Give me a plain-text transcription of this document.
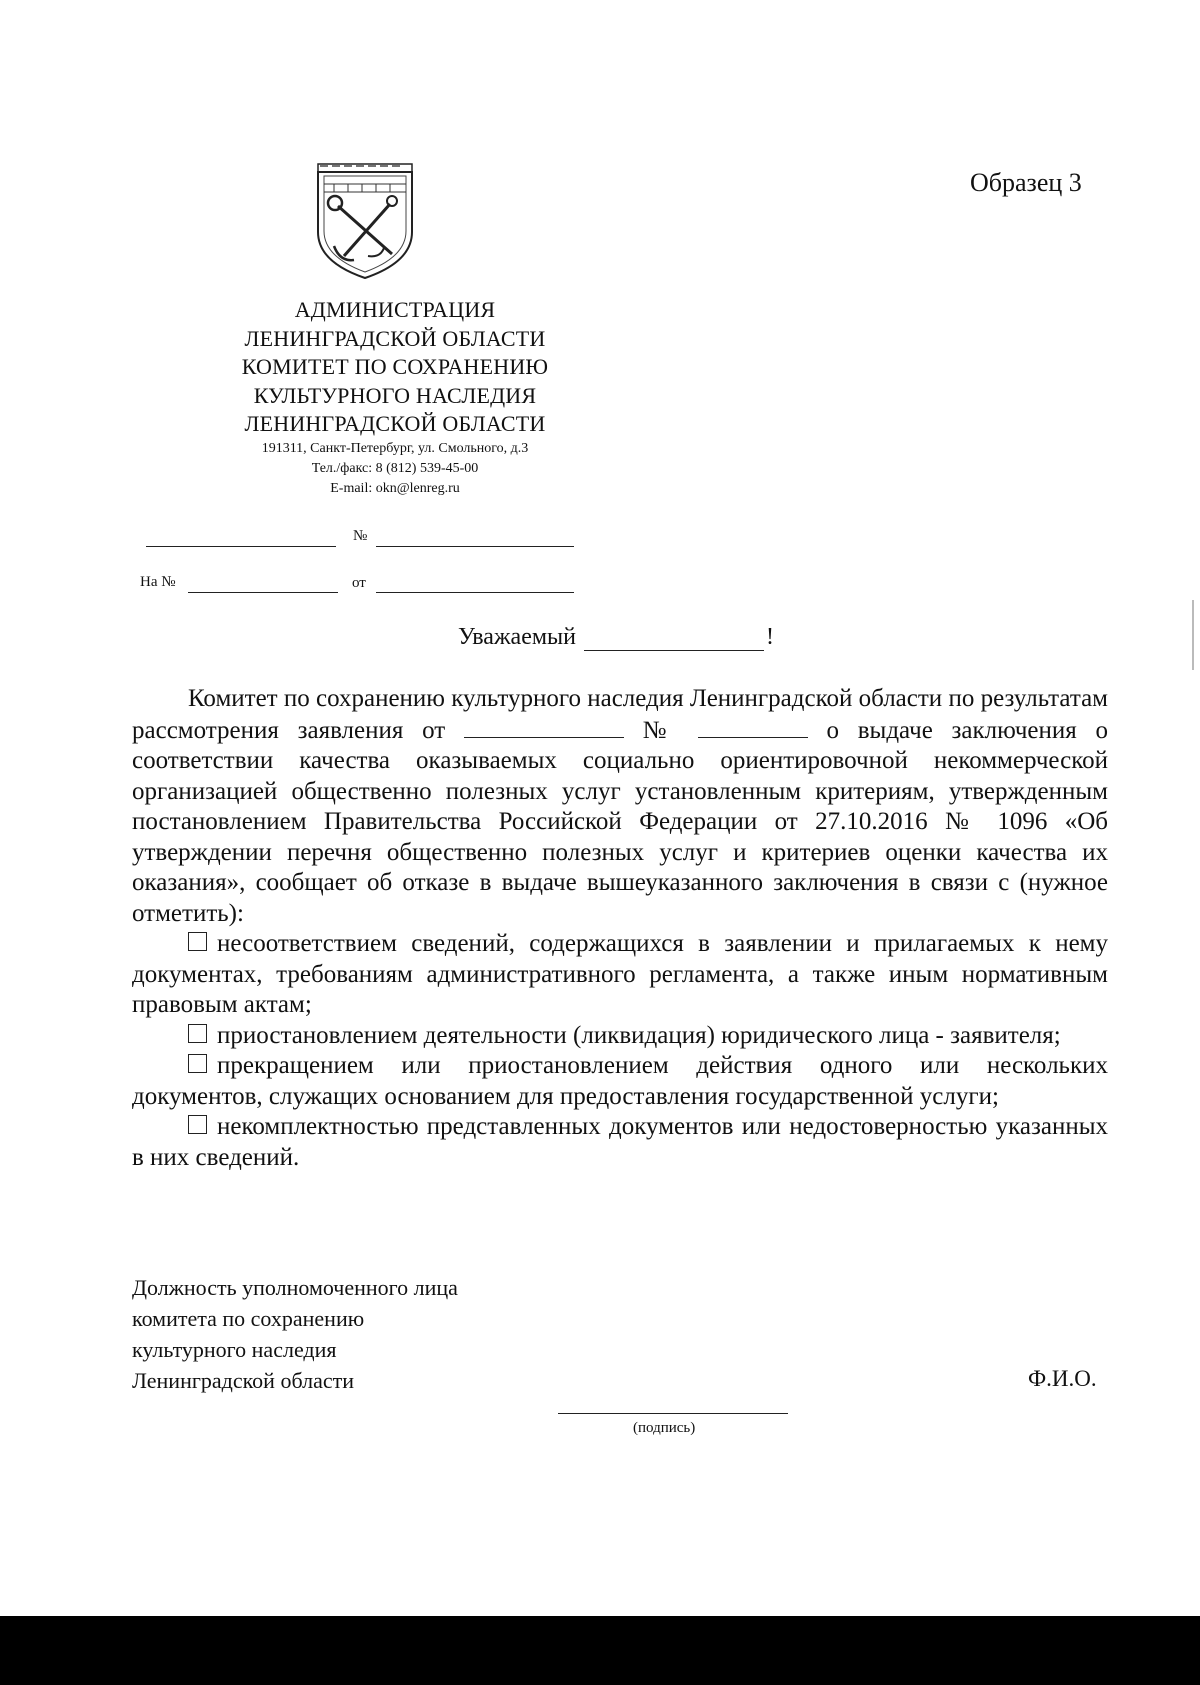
Образец 3
АДМИНИСТРАЦИЯ
ЛЕНИНГРАДСКОЙ ОБЛАСТИ
КОМИТЕТ ПО СОХРАНЕНИЮ
КУЛЬТУРНОГО НАСЛЕДИЯ
ЛЕНИНГРАДСКОЙ ОБЛАСТИ
191311, Санкт-Петербург, ул. Смольного, д.3
Тел./факс: 8 (812) 539-45-00
E-mail: okn@lenreg.ru
№
На №	от
Уважаемый	!

Комитет по сохранению культурного наследия Ленинградской области по результатам рассмотрения заявления от	№	о выдаче заключения о соответствии качества оказываемых социально ориентировочной некоммерческой организацией общественно полезных услуг установленным критериям, утвержденным постановлением Правительства Российской Федерации от 27.10.2016 № 1096 «Об утверждении перечня общественно полезных услуг и критериев оценки качества их оказания», сообщает об отказе в выдаче вышеуказанного заключения в связи с (нужное отметить):

несоответствием сведений, содержащихся в заявлении и прилагаемых к нему документах, требованиям административного регламента, а также иным нормативным правовым актам;

приостановлением деятельности (ликвидация) юридического лица - заявителя;

прекращением или приостановлением действия одного или нескольких документов, служащих основанием для предоставления государственной услуги;

некомплектностью представленных документов или недостоверностью указанных в них сведений.

Должность уполномоченного лица
комитета по сохранению
культурного наследия
Ленинградской области	Ф.И.О.
(подпись)
